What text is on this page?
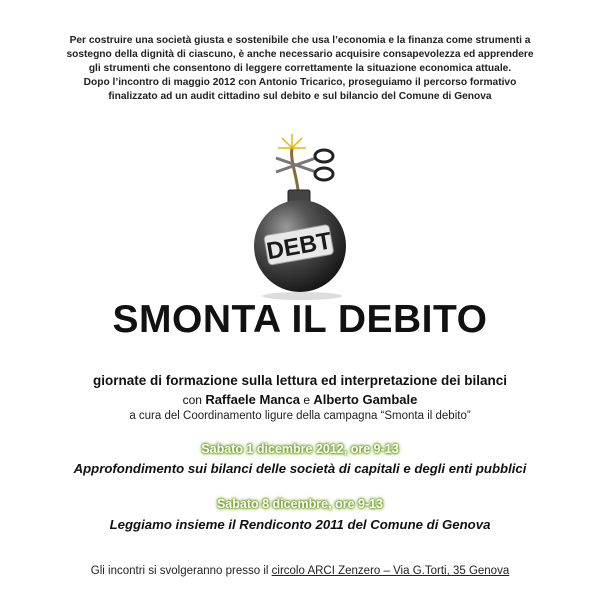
Per costruire una società giusta e sostenibile che usa l’economia e la finanza come strumenti a
sostegno della dignità di ciascuno, è anche necessario acquisire consapevolezza ed apprendere
gli strumenti che consentono di leggere correttamente la situazione economica attuale.
Dopo l’incontro di maggio 2012 con Antonio Tricarico, proseguiamo il percorso formativo
finalizzato ad un audit cittadino sul debito e sul bilancio del Comune di Genova
DEBT
SMONTA IL DEBITO
giornate di formazione sulla lettura ed interpretazione dei bilanci
con Raffaele Manca e Alberto Gambale
a cura del Coordinamento ligure della campagna “Smonta il debito”
Sabato 1 dicembre 2012, ore 9-13
Approfondimento sui bilanci delle società di capitali e degli enti pubblici
Sabato 8 dicembre, ore 9-13
Leggiamo insieme il Rendiconto 2011 del Comune di Genova
Gli incontri si svolgeranno presso il circolo ARCI Zenzero – Via G.Torti, 35 Genova
